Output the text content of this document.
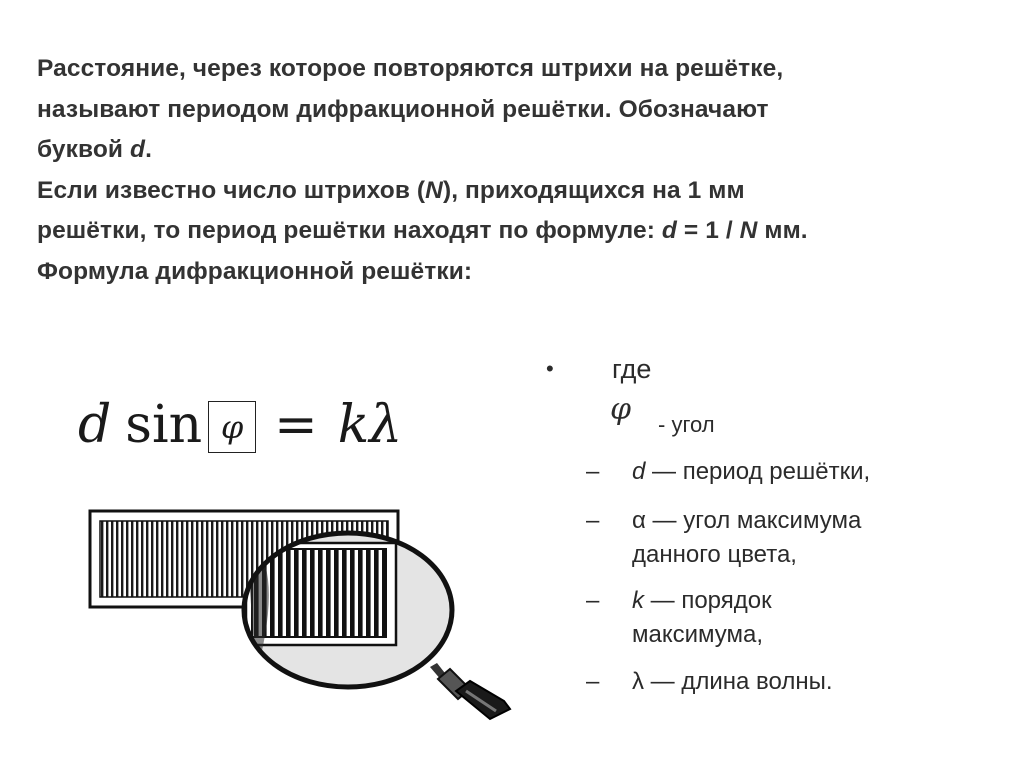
Расстояние, через которое повторяются штрихи на решётке,
называют периодом дифракционной решётки. Обозначают
буквой d.
Если известно число штрихов (N), приходящихся на 1 мм
решётки, то период решётки находят по формуле: d = 1 / N мм.
Формула дифракционной решётки:
d sin φ = k λ
• где
φ - угол
– d — период решётки,
– α — угол максимума
данного цвета,
– k — порядок
максимума,
– λ — длина волны.
